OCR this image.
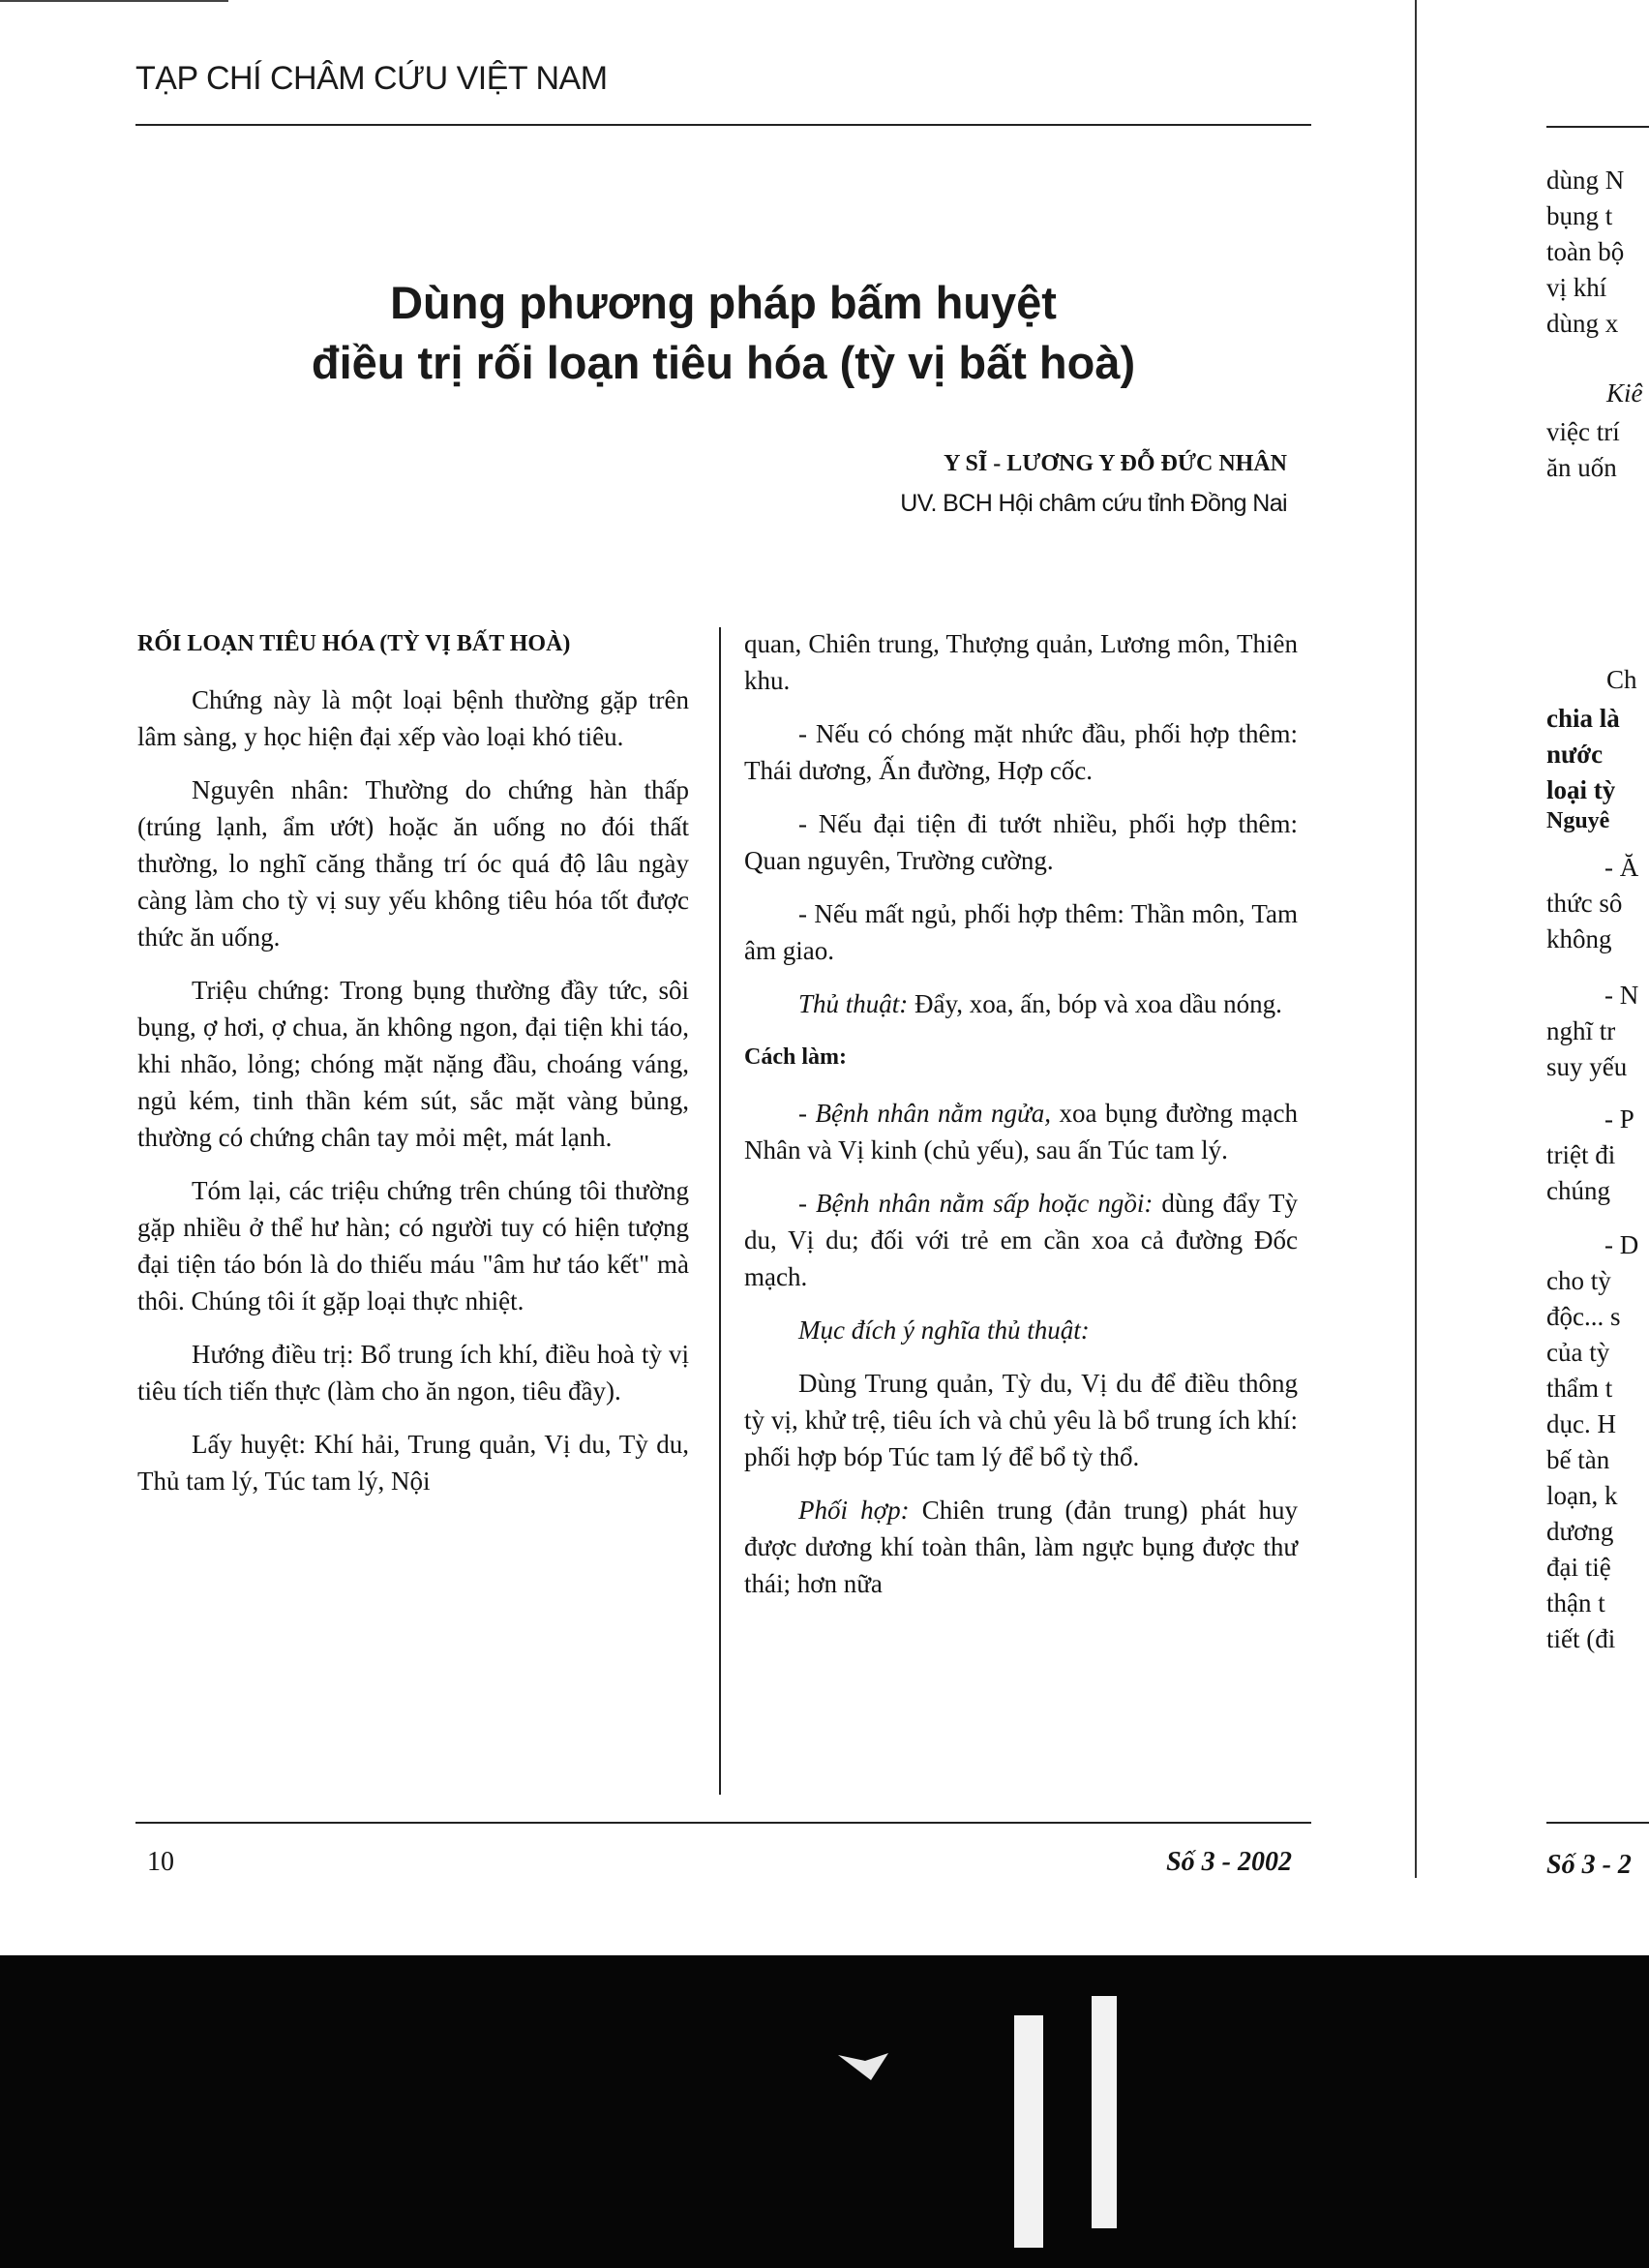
TẠP CHÍ CHÂM CỨU VIỆT NAM
Dùng phương pháp bấm huyệt
điều trị rối loạn tiêu hóa (tỳ vị bất hoà)
Y SĨ - LƯƠNG Y ĐỖ ĐỨC NHÂN
UV. BCH Hội châm cứu tỉnh Đồng Nai
RỐI LOẠN TIÊU HÓA (TỲ VỊ BẤT HOÀ)

Chứng này là một loại bệnh thường gặp trên lâm sàng, y học hiện đại xếp vào loại khó tiêu.

Nguyên nhân: Thường do chứng hàn thấp (trúng lạnh, ẩm ướt) hoặc ăn uống no đói thất thường, lo nghĩ căng thẳng trí óc quá độ lâu ngày càng làm cho tỳ vị suy yếu không tiêu hóa tốt được thức ăn uống.

Triệu chứng: Trong bụng thường đầy tức, sôi bụng, ợ hơi, ợ chua, ăn không ngon, đại tiện khi táo, khi nhão, lỏng; chóng mặt nặng đầu, choáng váng, ngủ kém, tinh thần kém sút, sắc mặt vàng bủng, thường có chứng chân tay mỏi mệt, mát lạnh.

Tóm lại, các triệu chứng trên chúng tôi thường gặp nhiều ở thể hư hàn; có người tuy có hiện tượng đại tiện táo bón là do thiếu máu "âm hư táo kết" mà thôi. Chúng tôi ít gặp loại thực nhiệt.

Hướng điều trị: Bổ trung ích khí, điều hoà tỳ vị tiêu tích tiến thực (làm cho ăn ngon, tiêu đầy).

Lấy huyệt: Khí hải, Trung quản, Vị du, Tỳ du, Thủ tam lý, Túc tam lý, Nội

quan, Chiên trung, Thượng quản, Lương môn, Thiên khu.

- Nếu có chóng mặt nhức đầu, phối hợp thêm: Thái dương, Ấn đường, Hợp cốc.

- Nếu đại tiện đi tướt nhiều, phối hợp thêm: Quan nguyên, Trường cường.

- Nếu mất ngủ, phối hợp thêm: Thần môn, Tam âm giao.

Thủ thuật: Đẩy, xoa, ấn, bóp và xoa dầu nóng.

Cách làm:

- Bệnh nhân nằm ngửa, xoa bụng đường mạch Nhân và Vị kinh (chủ yếu), sau ấn Túc tam lý.

- Bệnh nhân nằm sấp hoặc ngồi: dùng đẩy Tỳ du, Vị du; đối với trẻ em cần xoa cả đường Đốc mạch.

Mục đích ý nghĩa thủ thuật:

Dùng Trung quản, Tỳ du, Vị du để điều thông tỳ vị, khử trệ, tiêu ích và chủ yêu là bổ trung ích khí: phối hợp bóp Túc tam lý để bổ tỳ thổ.

Phối hợp: Chiên trung (đản trung) phát huy được dương khí toàn thân, làm ngực bụng được thư thái; hơn nữa

10	Số 3 - 2002
dùng N
bụng t
toàn bộ
vị khí
dùng x
Kiê
việc trí
ăn uốn
Ch
chia là
nước
loại tỳ
Nguyê
- Ă
thức sô
không
- N
nghĩ tr
suy yếu
- P
triệt đi
chúng
- D
cho tỳ
độc... s
của tỳ
thẩm t
dục. H
bế tàn
loạn, k
dương
đại tiệ
thận t
tiết (đi
Số 3 - 2
